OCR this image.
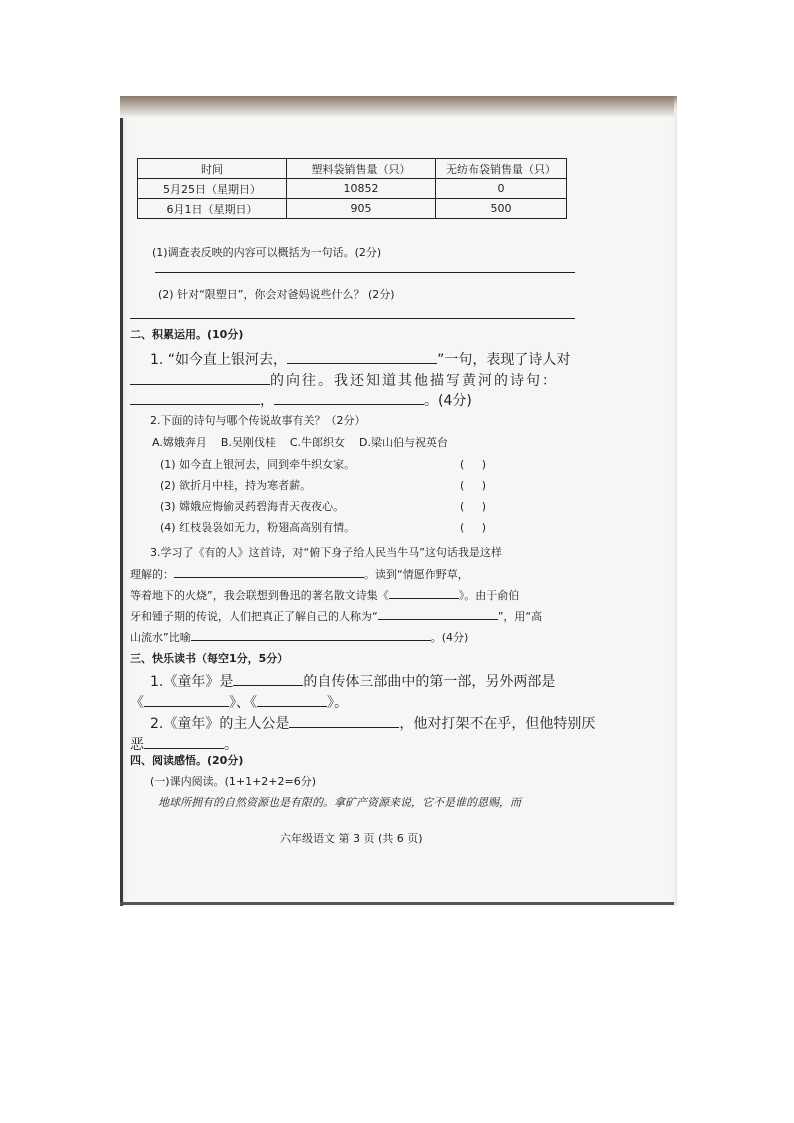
时间	塑料袋销售量（只）	无纺布袋销售量（只）
5月25日（星期日）	10852	0
6月1日（星期日）	905	500
(1)调查表反映的内容可以概括为一句话。(2分)
(2) 针对“限塑日”，你会对爸妈说些什么？ (2分)
二、积累运用。(10分)
1. “如今直上银河去，	”一句，表现了诗人对
的向往。我还知道其他描写黄河的诗句：
，	。(4分)
2.下面的诗句与哪个传说故事有关？（2分）
A.嫦娥奔月    B.吴刚伐桂    C.牛郎织女    D.梁山伯与祝英台
(1) 如今直上银河去，同到牵牛织女家。	(     )
(2) 欲折月中桂，持为寒者薪。	(     )
(3) 嫦娥应悔偷灵药碧海青天夜夜心。	(     )
(4) 红枝袅袅如无力，粉翅高高别有情。	(     )
3.学习了《有的人》这首诗，对“俯下身子给人民当牛马”这句话我是这样
理解的：	。读到“情愿作野草，
等着地下的火烧”，我会联想到鲁迅的著名散文诗集《	》。由于俞伯
牙和锺子期的传说，人们把真正了解自己的人称为“	”，用“高
山流水”比喻	。(4分)
三、快乐读书（每空1分，5分）
1.《童年》是	的自传体三部曲中的第一部，另外两部是
《	》、《	》。
2.《童年》的主人公是	，他对打架不在乎，但他特别厌
恶	。
四、阅读感悟。(20分)
(一)课内阅读。(1+1+2+2=6分)
地球所拥有的自然资源也是有限的。拿矿产资源来说，它不是谁的恩赐，而
六年级语文 第 3 页 (共 6 页)
